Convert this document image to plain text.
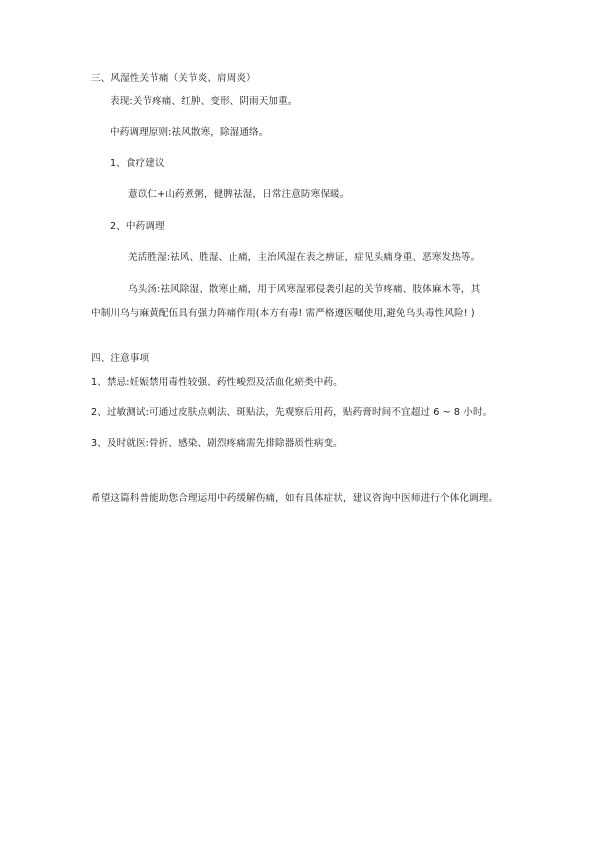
三、风湿性关节痛（关节炎、肩周炎）
表现:关节疼痛、红肿、变形、阴雨天加重。
中药调理原则:祛风散寒，除湿通络。
1、食疗建议
薏苡仁+山药煮粥，健脾祛湿，日常注意防寒保暖。
2、中药调理
羌活胜湿:祛风、胜湿、止痛，主治风湿在表之痹证，症见头痛身重、恶寒发热等。
乌头汤:祛风除湿、散寒止痛，用于风寒湿邪侵袭引起的关节疼痛、肢体麻木等，其
中制川乌与麻黄配伍具有强力阵痛作用(本方有毒! 需严格遵医嘱使用,避免乌头毒性风险! )
四、注意事项
1、禁忌:妊娠禁用毒性较强、药性峻烈及活血化瘀类中药。
2、过敏测试:可通过皮肤点刺法、斑贴法，先观察后用药，贴药膏时间不宜超过 6 ~ 8 小时。
3、及时就医:骨折、感染、剧烈疼痛需先排除器质性病变。
希望这篇科普能助您合理运用中药缓解伤痛，如有具体症状，建议咨询中医师进行个体化调理。
